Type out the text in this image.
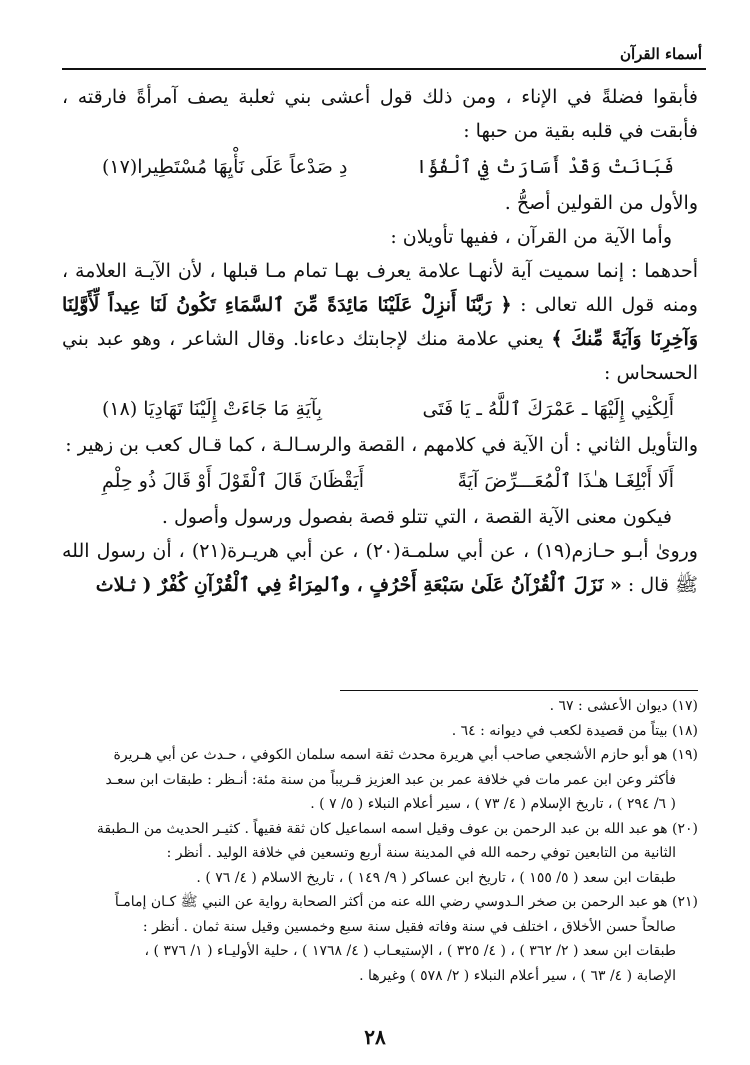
أسماء القرآن

فأبقوا فضلةً في الإناء ، ومن ذلك قول أعشى بني ثعلبة يصف آمرأةً فارقته ، فأبقت في قلبه بقية من حبها :

فَبَانَتْ وَقَدْ أَسَارَتْ فِي ٱلْفُؤَا
دِ صَدْعاً عَلَى نَأْيِهَا مُسْتَطِيرا(١٧)

والأول من القولين أصحُّ .

وأما الآية من القرآن ، ففيها تأويلان :

أحدهما : إنما سميت آية لأنهـا علامة يعرف بهـا تمام مـا قبلها ، لأن الآيـة العلامة ، ومنه قول الله تعالى : ﴿ رَبَّنَا أَنزِلْ عَلَيْنَا مَائِدَةً مِّنَ ٱلسَّمَاءِ تَكُونُ لَنَا عِيداً لِّأَوَّلِنَا وَآخِرِنَا وَآيَةً مِّنكَ ﴾ يعني علامة منك لإجابتك دعاءنا. وقال الشاعر ، وهو عبد بني الحسحاس :

أَلِكْنِي إِلَيْهَا ـ عَمْرَكَ ٱللَّهُ ـ يَا فَتَى
بِآيَةِ مَا جَاءَتْ إِلَيْنَا تَهَادِيَا (١٨)

والتأويل الثاني : أن الآية في كلامهم ، القصة والرسـالـة ، كما قـال كعب بن زهير :

أَلَا أَبْلِغَـا هـٰذَا ٱلْمُعَـــرِّضَ آيَةً
أَيَقْظَانَ قَالَ ٱلْقَوْلَ أَوْ قَالَ ذُو حِلْمِ

فيكون معنى الآية القصة ، التي تتلو قصة بفصول ورسول وأصول .

وروىٰ أبـو حـازم(١٩) ، عن أبي سلمـة(٢٠) ، عن أبي هريـرة(٢١) ، أن رسول الله ﷺ قال : « نَزَلَ ٱلْقُرْآنُ عَلَىٰ سَبْعَةِ أَحْرُفٍ ، وٱلمِرَاءُ فِي ٱلْقُرْآنِ كُفْرٌ ( ثـلاث

(١٧) ديوان الأعشى : ٦٧ .

(١٨) بيتاً من قصيدة لكعب في ديوانه : ٦٤ .

(١٩) هو أبو حازم الأشجعي صاحب أبي هريرة محدث ثقة اسمه سلمان الكوفي ، حـدث عن أبي هـريرة

فأكثر وعن ابن عمر مات في خلافة عمر بن عبد العزيز قـريباً من سنة مئة: أنـظر : طبقات ابن سعـد

( ٦/ ٢٩٤ ) ، تاريخ الإسلام ( ٤/ ٧٣ ) ، سير أعلام النبلاء ( ٥/ ٧ ) .

(٢٠) هو عبد الله بن عبد الرحمن بن عوف وقيل اسمه اسماعيل كان ثقة فقيهاً . كثيـر الحديث من الـطبقة

الثانية من التابعين توفي رحمه الله في المدينة سنة أربع وتسعين في خلافة الوليد . أنظر :

طبقات ابن سعد ( ٥/ ١٥٥ ) ، تاريخ ابن عساكر ( ٩/ ١٤٩ ) ، تاريخ الاسلام ( ٤/ ٧٦ ) .

(٢١) هو عبد الرحمن بن صخر الـدوسي رضي الله عنه من أكثر الصحابة رواية عن النبي ﷺ كـان إمامـاً

صالحاً حسن الأخلاق ، اختلف في سنة وفاته فقيل سنة سبع وخمسين وقيل سنة ثمان . أنظر :

طبقات ابن سعد ( ٢/ ٣٦٢ ) ، ( ٤/ ٣٢٥ ) ، الإستيعـاب ( ٤/ ١٧٦٨ ) ، حلية الأوليـاء ( ١/ ٣٧٦ ) ،

الإصابة ( ٤/ ٦٣ ) ، سير أعلام النبلاء ( ٢/ ٥٧٨ ) وغيرها .

٢٨
